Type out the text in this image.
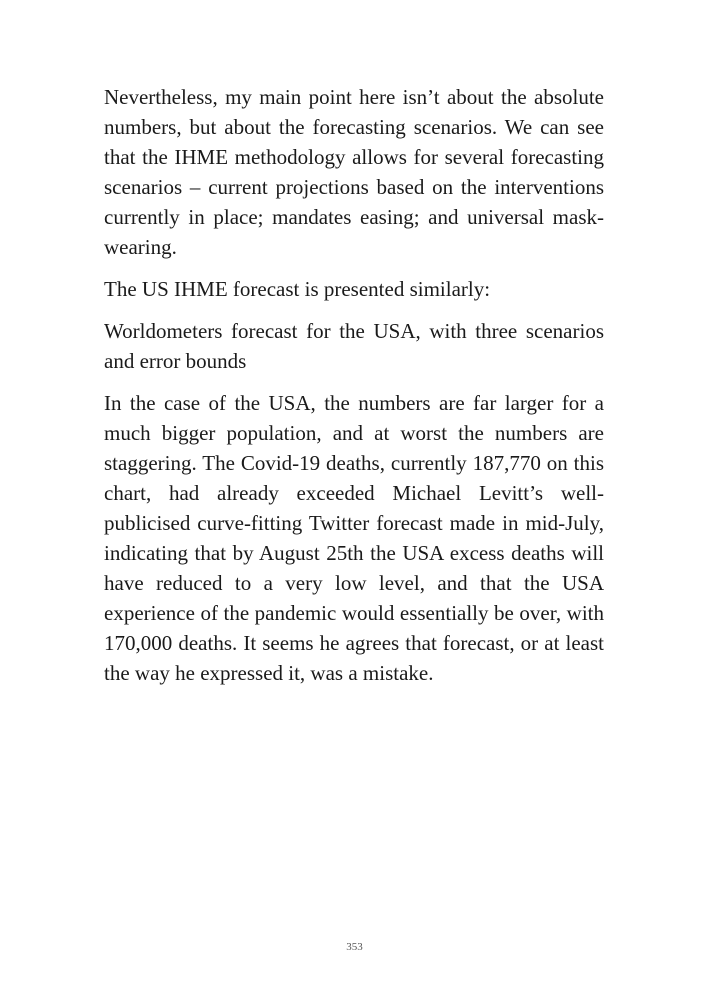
Nevertheless, my main point here isn’t about the absolute numbers, but about the forecasting scenarios. We can see that the IHME methodology allows for several forecasting scenarios – current projections based on the interventions currently in place; mandates easing; and universal mask-wearing.

The US IHME forecast is presented similarly:

Worldometers forecast for the USA, with three scenarios and error bounds

In the case of the USA, the numbers are far larger for a much bigger population, and at worst the numbers are staggering. The Covid-19 deaths, currently 187,770 on this chart, had already exceeded Michael Levitt’s well-publicised curve-fitting Twitter forecast made in mid-July, indicating that by August 25th the USA excess deaths will have reduced to a very low level, and that the USA experience of the pandemic would essentially be over, with 170,000 deaths. It seems he agrees that forecast, or at least the way he expressed it, was a mistake.

353
